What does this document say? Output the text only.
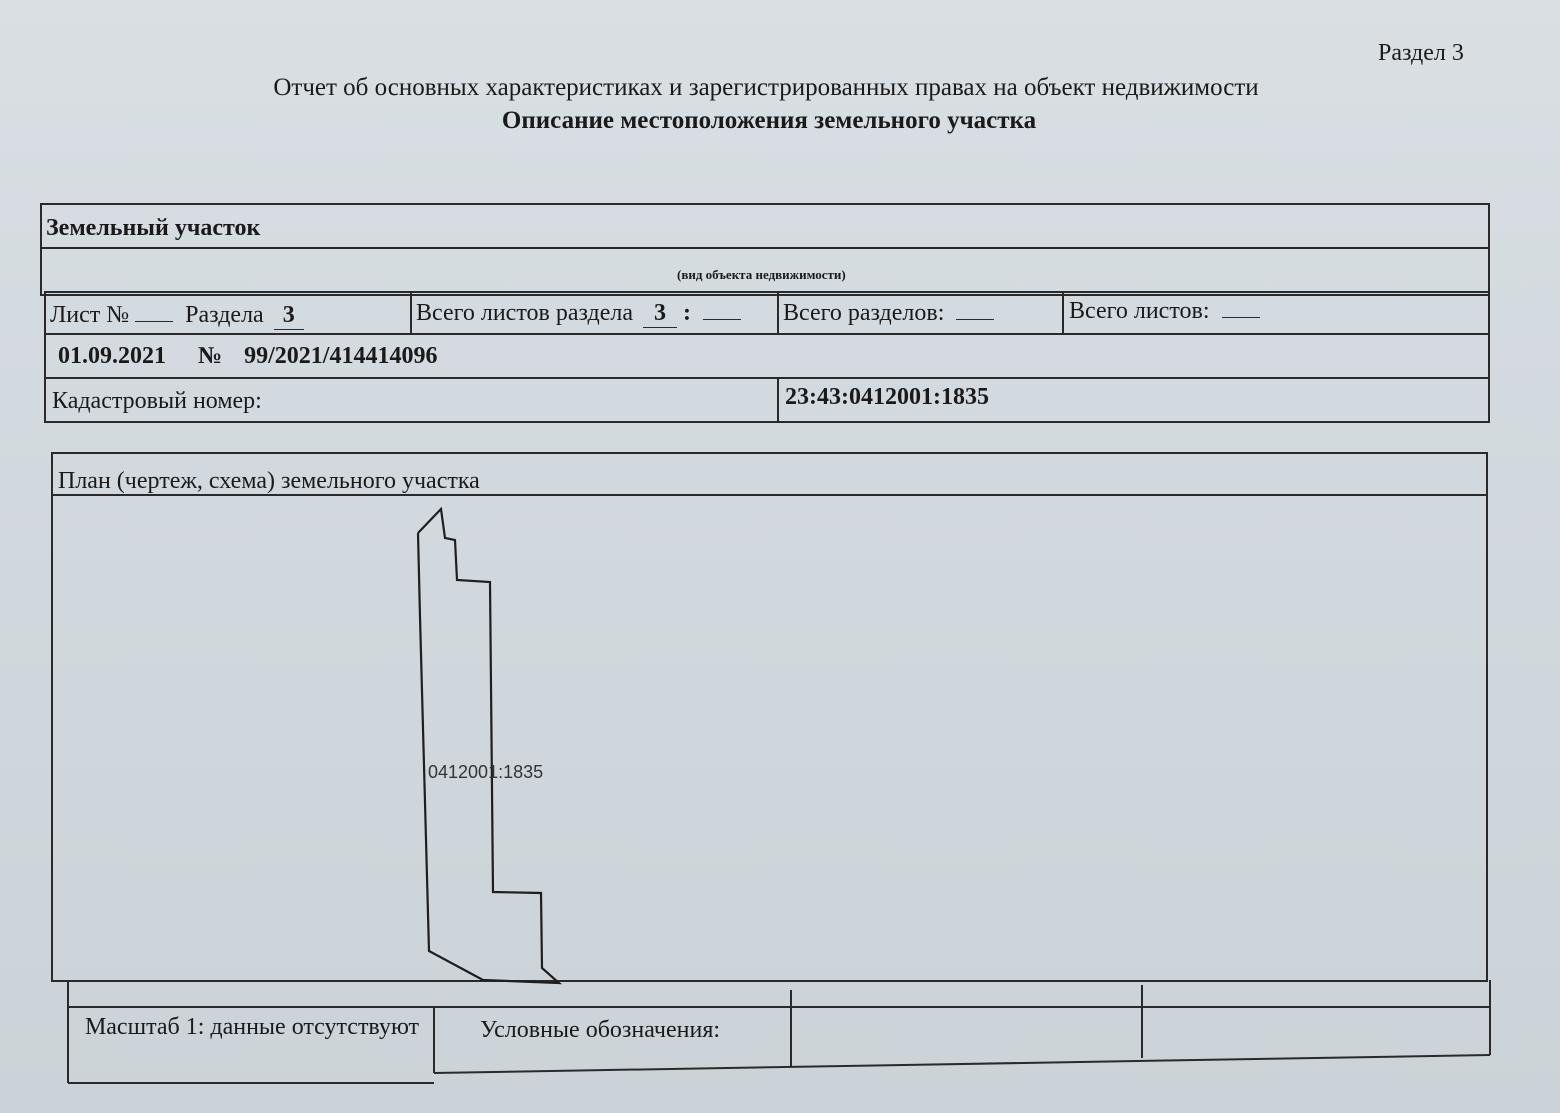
Раздел 3
Отчет об основных характеристиках и зарегистрированных правах на объект недвижимости
Описание местоположения земельного участка
Земельный участок
(вид объекта недвижимости)
Лист № Раздела 3	Всего листов раздела 3 :	Всего разделов:	Всего листов:
01.09.2021 № 99/2021/414414096
Кадастровый номер:	23:43:0412001:1835
План (чертеж, схема) земельного участка
0412001:1835
Масштаб 1: данные отсутствуют	Условные обозначения:
